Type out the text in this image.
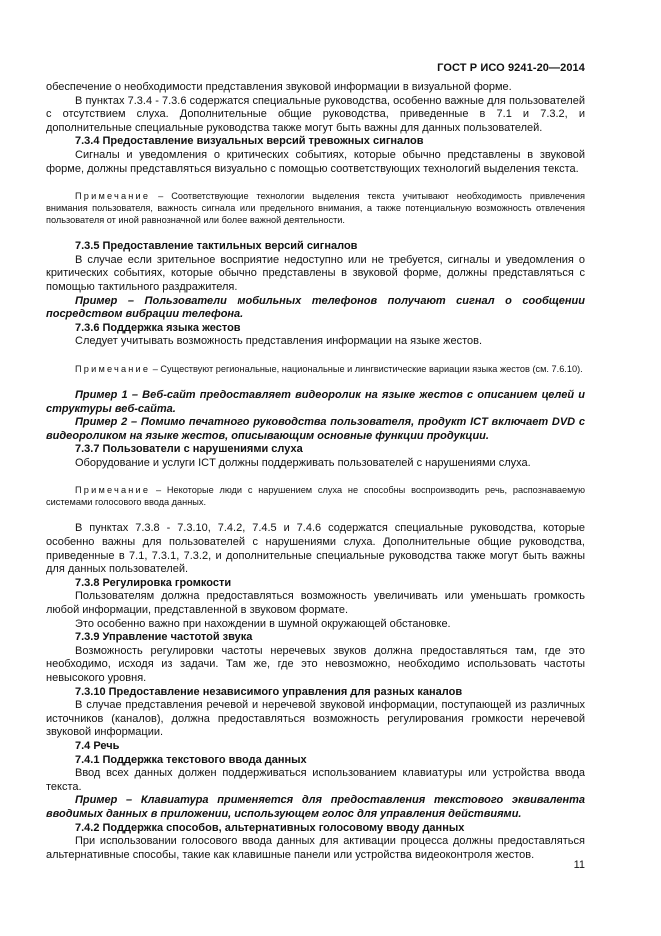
ГОСТ Р ИСО 9241-20—2014

обеспечение о необходимости представления звуковой информации в визуальной форме.

В пунктах 7.3.4 - 7.3.6 содержатся специальные руководства, особенно важные для пользователей с отсутствием слуха. Дополнительные общие руководства, приведенные в 7.1 и 7.3.2, и дополнительные специальные руководства также могут быть важны для данных пользователей.

7.3.4 Предоставление визуальных версий тревожных сигналов

Сигналы и уведомления о критических событиях, которые обычно представлены в звуковой форме, должны представляться визуально с помощью соответствующих технологий выделения текста.

Примечание – Соответствующие технологии выделения текста учитывают необходимость привлечения внимания пользователя, важность сигнала или предельного внимания, а также потенциальную возможность отвлечения пользователя от иной равнозначной или более важной деятельности.

7.3.5 Предоставление тактильных версий сигналов

В случае если зрительное восприятие недоступно или не требуется, сигналы и уведомления о критических событиях, которые обычно представлены в звуковой форме, должны представляться с помощью тактильного раздражителя.

Пример – Пользователи мобильных телефонов получают сигнал о сообщении посредством вибрации телефона.

7.3.6 Поддержка языка жестов

Следует учитывать возможность представления информации на языке жестов.

Примечание – Существуют региональные, национальные и лингвистические вариации языка жестов (см. 7.6.10).

Пример 1 – Веб-сайт предоставляет видеоролик на языке жестов с описанием целей и структуры веб-сайта.

Пример 2 – Помимо печатного руководства пользователя, продукт ICT включает DVD с видеороликом на языке жестов, описывающим основные функции продукции.

7.3.7 Пользователи с нарушениями слуха

Оборудование и услуги ICT должны поддерживать пользователей с нарушениями слуха.

Примечание – Некоторые люди с нарушением слуха не способны воспроизводить речь, распознаваемую системами голосового ввода данных.

В пунктах 7.3.8 - 7.3.10, 7.4.2, 7.4.5 и 7.4.6 содержатся специальные руководства, которые особенно важны для пользователей с нарушениями слуха. Дополнительные общие руководства, приведенные в 7.1, 7.3.1, 7.3.2, и дополнительные специальные руководства также могут быть важны для данных пользователей.

7.3.8 Регулировка громкости

Пользователям должна предоставляться возможность увеличивать или уменьшать громкость любой информации, представленной в звуковом формате.

Это особенно важно при нахождении в шумной окружающей обстановке.

7.3.9 Управление частотой звука

Возможность регулировки частоты неречевых звуков должна предоставляться там, где это необходимо, исходя из задачи. Там же, где это невозможно, необходимо использовать частоты невысокого уровня.

7.3.10 Предоставление независимого управления для разных каналов

В случае представления речевой и неречевой звуковой информации, поступающей из различных источников (каналов), должна предоставляться возможность регулирования громкости неречевой звуковой информации.

7.4 Речь

7.4.1 Поддержка текстового ввода данных

Ввод всех данных должен поддерживаться использованием клавиатуры или устройства ввода текста.

Пример – Клавиатура применяется для предоставления текстового эквивалента вводимых данных в приложении, использующем голос для управления действиями.

7.4.2 Поддержка способов, альтернативных голосовому вводу данных

При использовании голосового ввода данных для активации процесса должны предоставляться альтернативные способы, такие как клавишные панели или устройства видеоконтроля жестов.

11
